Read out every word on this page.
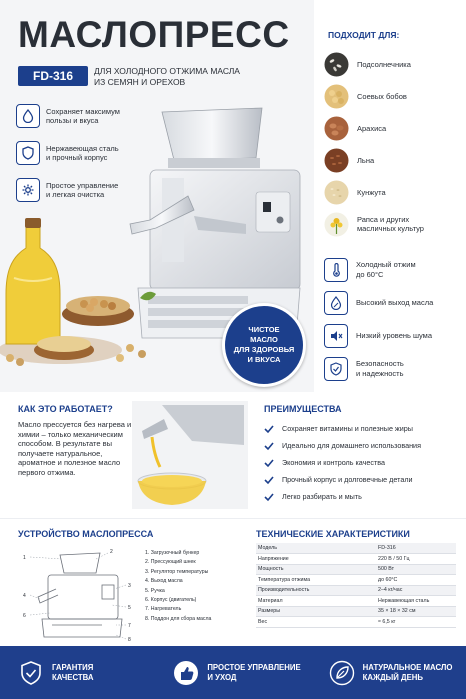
МАСЛОПРЕСС
FD-316	ДЛЯ ХОЛОДНОГО ОТЖИМА МАСЛА
ИЗ СЕМЯН И ОРЕХОВ
Сохраняет максимум
пользы и вкуса
Нержавеющая сталь
и прочный корпус
Простое управление
и легкая очистка
ЧИСТОЕ
МАСЛО
ДЛЯ ЗДОРОВЬЯ
И ВКУСА
ПОДХОДИТ ДЛЯ:
Подсолнечника
Соевых бобов
Арахиса
Льна
Кунжута
Рапса и других
масличных культур
Холодный отжим
до 60°C
Высокий выход масла
Низкий уровень шума
Безопасность
и надежность
КАК ЭТО РАБОТАЕТ?
Масло прессуется без нагрева и химии – только механическим способом. В результате вы получаете натуральное, ароматное и полезное масло первого отжима.
ПРЕИМУЩЕСТВА
Сохраняет витамины и полезные жиры
Идеально для домашнего использования
Экономия и контроль качества
Прочный корпус и долговечные детали
Легко разбирать и мыть
УСТРОЙСТВО МАСЛОПРЕССА
1
2
3
4
5
6
7
8
1. Загрузочный бункер
2. Прессующий шнек
3. Регулятор температуры
4. Выход масла
5. Ручка
6. Корпус (двигатель)
7. Нагреватель
8. Поддон для сбора масла
ТЕХНИЧЕСКИЕ ХАРАКТЕРИСТИКИ
Модель	FD-316
Напряжение	220 В / 50 Гц
Мощность	500 Вт
Температура отжима	до 60°C
Производительность	2–4 кг/час
Материал	Нержавеющая сталь
Размеры	35 × 18 × 32 см
Вес	≈ 6,5 кг
ГАРАНТИЯ
КАЧЕСТВА
ПРОСТОЕ УПРАВЛЕНИЕ
И УХОД
НАТУРАЛЬНОЕ МАСЛО
КАЖДЫЙ ДЕНЬ
